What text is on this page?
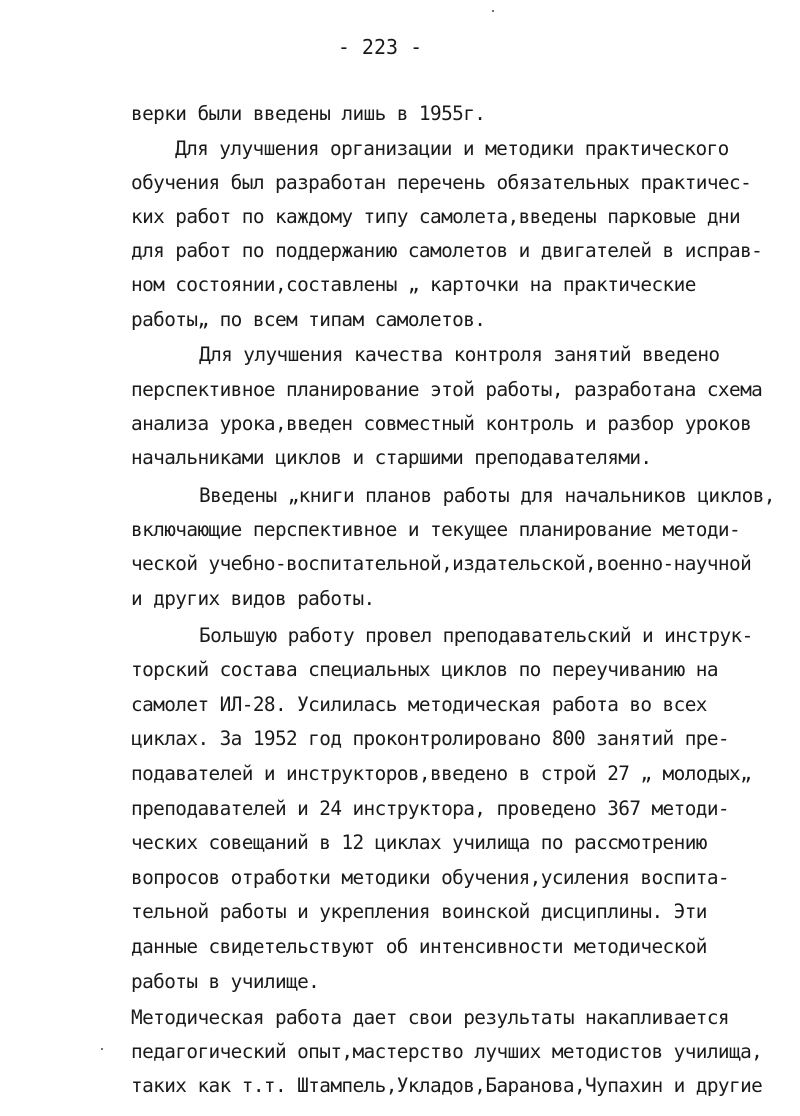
- 223 -

верки были введены лишь в 1955г.

Для улучшения организации и методики практического

обучения был разработан перечень обязательных практичес-

ких работ по каждому типу самолета,введены парковые дни

для работ по поддержанию самолетов и двигателей в исправ-

ном состоянии,составлены „ карточки на практические

работы„ по всем типам самолетов.

Для улучшения качества контроля занятий введено

перспективное планирование этой работы, разработана схема

анализа урока,введен совместный контроль и разбор уроков

начальниками циклов и старшими преподавателями.

Введены „книги планов работы для начальников циклов,

включающие перспективное и текущее планирование методи-

ческой учебно-воспитательной,издательской,военно-научной

и других видов работы.

Большую работу провел преподавательский и инструк-

торский состава специальных циклов по переучиванию на

самолет ИЛ-28. Усилилась методическая работа во всех

циклах. За 1952 год проконтролировано 800 занятий пре-

подавателей и инструкторов,введено в строй 27 „ молодых„

преподавателей и 24 инструктора, проведено 367 методи-

ческих совещаний в 12 циклах училища по рассмотрению

вопросов отработки методики обучения,усиления воспита-

тельной работы и укрепления воинской дисциплины. Эти

данные свидетельствуют об интенсивности методической

работы в училище.

Методическая работа дает свои результаты накапливается

педагогический опыт,мастерство лучших методистов училища,

таких как т.т. Штампель,Укладов,Баранова,Чупахин и другие
